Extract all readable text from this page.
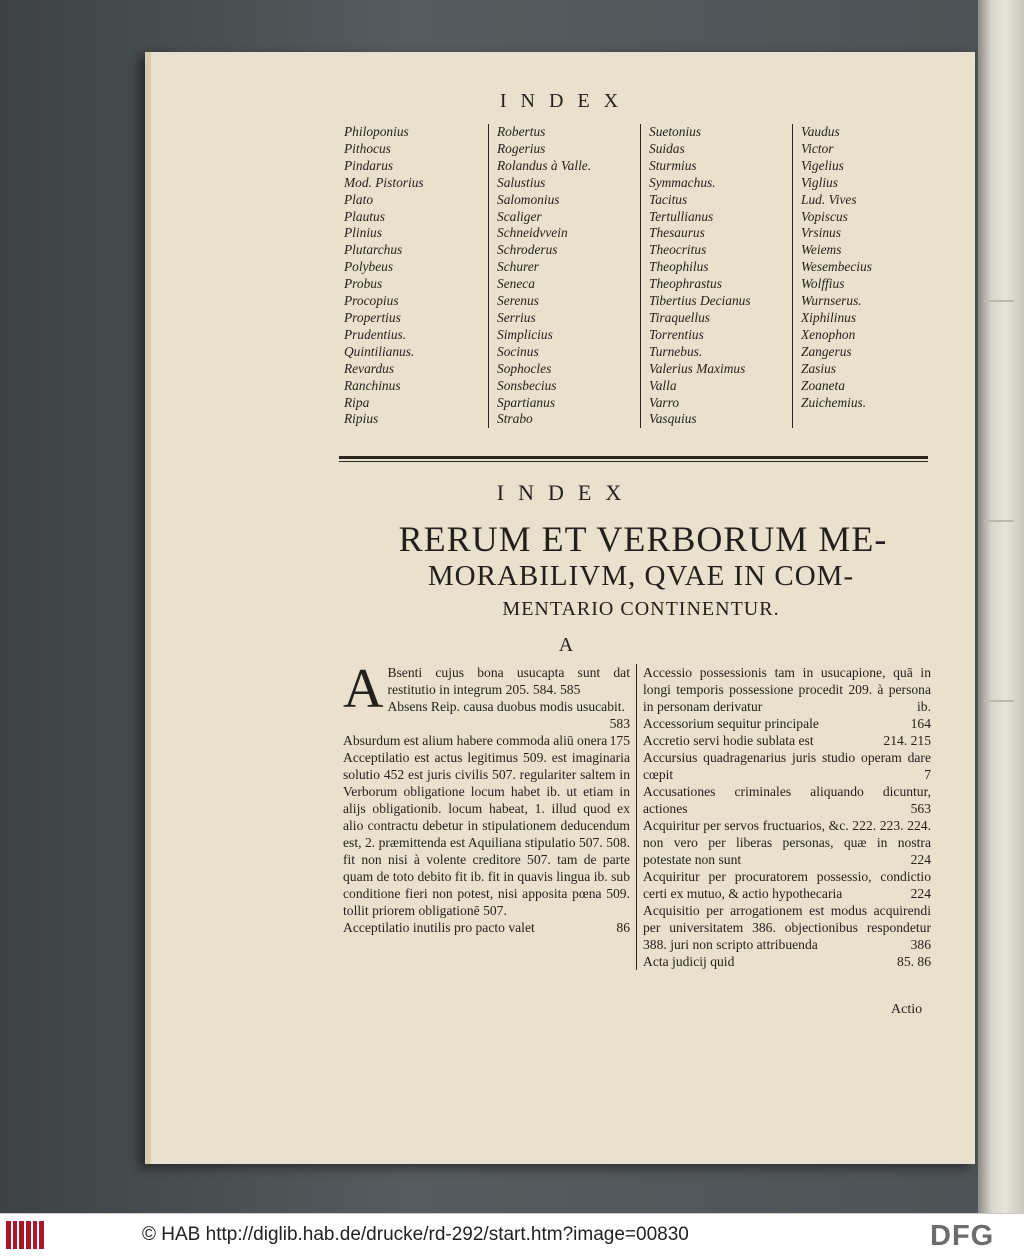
INDEX
Philoponius
Pithocus
Pindarus
Mod. Pistorius
Plato
Plautus
Plinius
Plutarchus
Polybeus
Probus
Procopius
Propertius
Prudentius.
Quintilianus.
Reνardus
Ranchinus
Ripa
Ripius
Robertus
Rogerius
Rolandus à Valle.
Salustius
Salomonius
Scaliger
Schneidvvein
Schroderus
Schurer
Seneca
Serenus
Serrius
Simplicius
Socinus
Sophocles
Sonsbecius
Spartianus
Strabo
Suetonius
Suidas
Sturmius
Symmachus.
Tacitus
Tertullianus
Thesaurus
Theocritus
Theophilus
Theophrastus
Tibertius Decianus
Tiraquellus
Torrentius
Turnebus.
Valerius Maximus
Valla
Varro
Vasquius
Vaudus
Victor
Vigelius
Viglius
Lud. Vives
Vopiscus
Vrsinus
Weiems
Wesembecius
Wolffius
Wurnserus.
Xiphilinus
Xenophon
Zangerus
Zasius
Zoaneta
Zuichemius.
INDEX
RERUM ET VERBORUM ME-
MORABILIVM, QVAE IN COM-
MENTARIO CONTINENTUR.
A
A Bsenti cujus bona usucapta sunt dat restitutio in integrum 205. 584. 585
Absens Reip. causa duobus modis usucabit.
583
Absurdum est alium habere commoda aliū onera 175
Acceptilatio est actus legitimus 509. est imaginaria solutio 452 est juris civilis 507. regulariter saltem in Verborum obligatione locum habet ib. ut etiam in alijs obligationib. locum habeat, 1. illud quod ex alio contractu debetur in stipulationem deducendum est, 2. præmittenda est Aquiliana stipulatio 507. 508. fit non nisi à volente creditore 507. tam de parte quam de toto debito fit ib. fit in quavis lingua ib. sub conditione fieri non potest, nisi apposita pœna 509. tollit priorem obligationē 507.
Acceptilatio inutilis pro pacto valet	86
Accessio possessionis tam in usucapione, quā in longi temporis possessione procedit 209. à persona in personam derivatur	ib.
Accessorium sequitur principale	164
Accretio servi hodie sublata est	214. 215
Accursius quadragenarius juris studio operam dare cœpit	7
Accusationes criminales aliquando dicuntur, actiones	563
Acquiritur per servos fructuarios, &c. 222. 223. 224. non vero per liberas personas, quæ in nostra potestate non sunt	224
Acquiritur per procuratorem possessio, condictio certi ex mutuo, & actio hypothecaria	224
Acquisitio per arrogationem est modus acquirendi per universitatem 386. objectionibus respondetur 388. juri non scripto attribuenda	386
Acta judicij quid	85. 86
Actio
© HAB http://diglib.hab.de/drucke/rd-292/start.htm?image=00830	DFG
